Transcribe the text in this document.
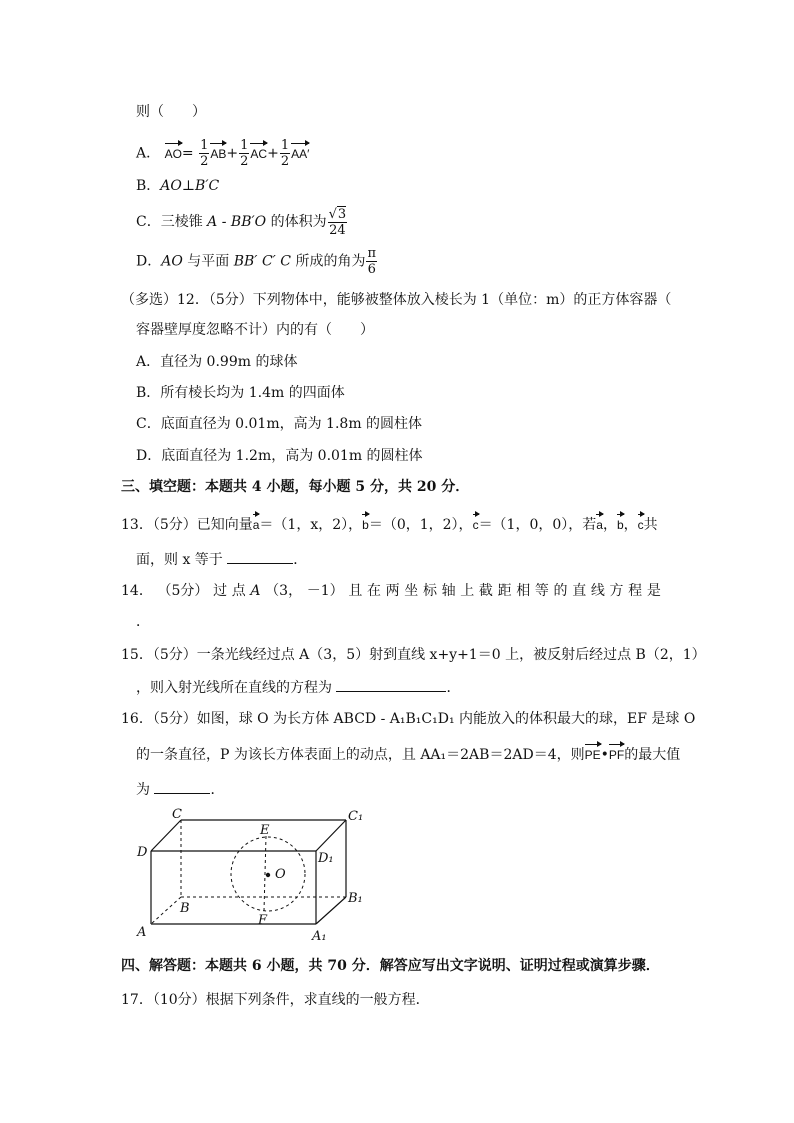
则（　　）
A． $AO= \frac{1}{2} AB+ \frac{1}{2} AC+ \frac{1}{2} AA'$
B．AO⊥B′C
C．三棱锥 A - BB′O 的体积为 $\frac{√3}{24}$
D．AO 与平面 BB′ C′ C 所成的角为 $\frac{\pi}{6}$
（多选）12．（5分）下列物体中，能够被整体放入棱长为 1（单位：m）的正方体容器（
容器壁厚度忽略不计）内的有（　　）
A．直径为 0.99m 的球体
B．所有棱长均为 1.4m 的四面体
C．底面直径为 0.01m，高为 1.8m 的圆柱体
D．底面直径为 1.2m，高为 0.01m 的圆柱体
三、填空题：本题共 4 小题，每小题 5 分，共 20 分．
13．（5分）已知向量a＝（1，x，2），b＝（0，1，2），c＝（1，0，0），若a，b，c共
面，则 x 等于	．
14． （5分） 过 点 A （3， －1） 且 在 两 坐 标 轴 上 截 距 相 等 的 直 线 方 程 是
．
15．（5分）一条光线经过点 A（3，5）射到直线 x+y+1＝0 上，被反射后经过点 B（2，1）
，则入射光线所在直线的方程为	．
16．（5分）如图，球 O 为长方体 ABCD - A₁B₁C₁D₁ 内能放入的体积最大的球，EF 是球 O
的一条直径，P 为该长方体表面上的动点，且 AA₁＝2AB＝2AD＝4，则PE•PF的最大值
为	．
C	C₁
D	D₁
E
O
B
B₁
A	A₁
F
四、解答题：本题共 6 小题，共 70 分．解答应写出文字说明、证明过程或演算步骤．
17．（10分）根据下列条件，求直线的一般方程．
